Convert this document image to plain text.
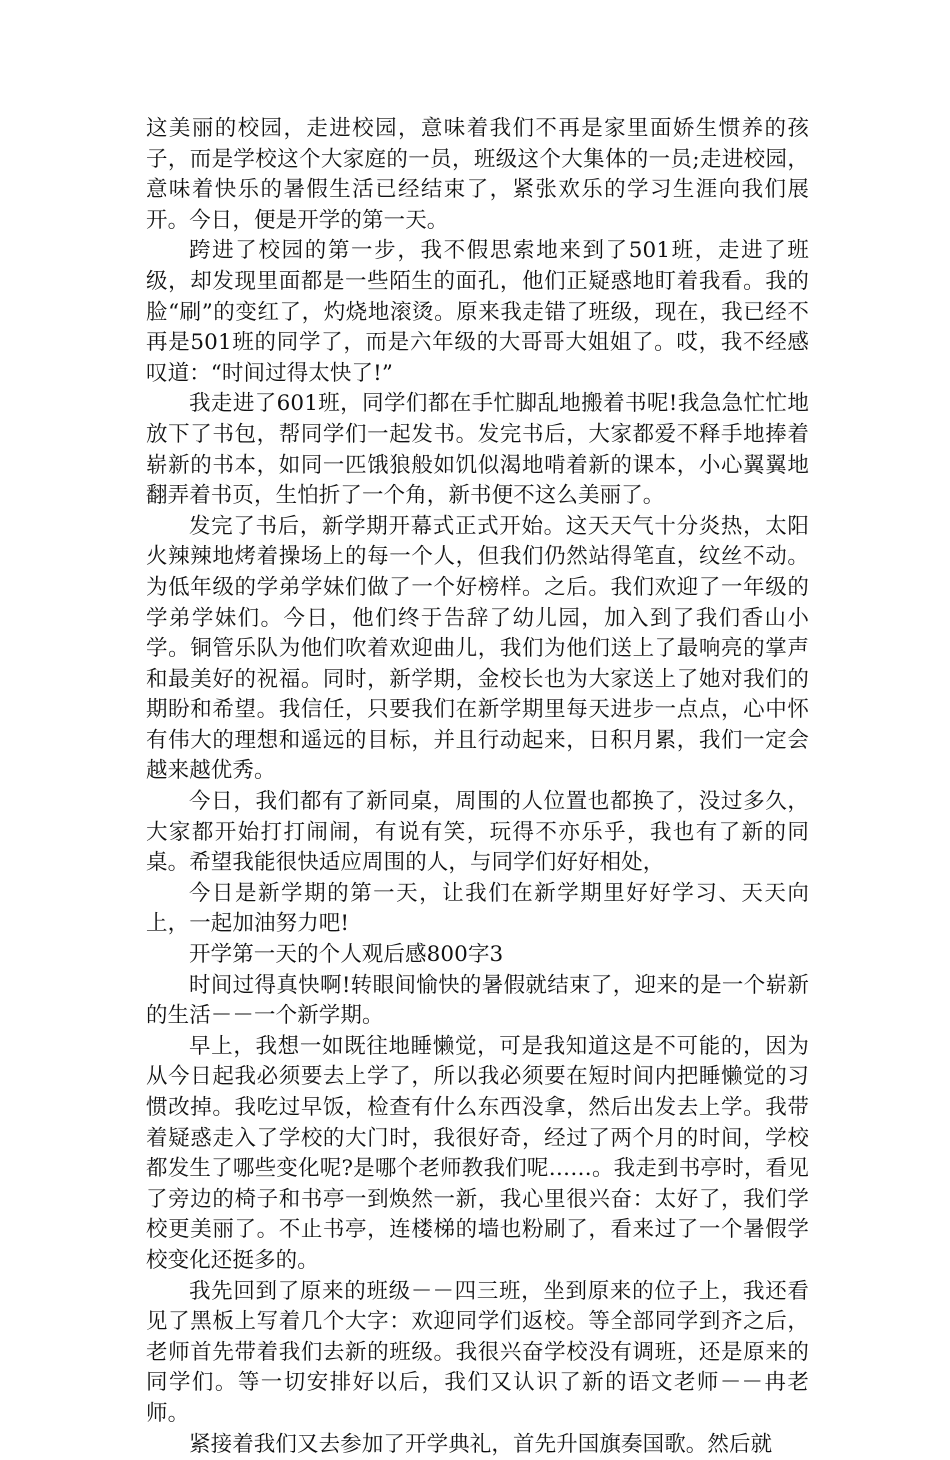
这美丽的校园，走进校园，意味着我们不再是家里面娇生惯养的孩子，而是学校这个大家庭的一员，班级这个大集体的一员;走进校园，意味着快乐的暑假生活已经结束了，紧张欢乐的学习生涯向我们展开。今日，便是开学的第一天。

跨进了校园的第一步，我不假思索地来到了501班，走进了班级，却发现里面都是一些陌生的面孔，他们正疑惑地盯着我看。我的脸“刷”的变红了，灼烧地滚烫。原来我走错了班级，现在，我已经不再是501班的同学了，而是六年级的大哥哥大姐姐了。哎，我不经感叹道：“时间过得太快了!”

我走进了601班，同学们都在手忙脚乱地搬着书呢!我急急忙忙地放下了书包，帮同学们一起发书。发完书后，大家都爱不释手地捧着崭新的书本，如同一匹饿狼般如饥似渴地啃着新的课本，小心翼翼地翻弄着书页，生怕折了一个角，新书便不这么美丽了。

发完了书后，新学期开幕式正式开始。这天天气十分炎热，太阳火辣辣地烤着操场上的每一个人，但我们仍然站得笔直，纹丝不动。为低年级的学弟学妹们做了一个好榜样。之后。我们欢迎了一年级的学弟学妹们。今日，他们终于告辞了幼儿园，加入到了我们香山小学。铜管乐队为他们吹着欢迎曲儿，我们为他们送上了最响亮的掌声和最美好的祝福。同时，新学期，金校长也为大家送上了她对我们的期盼和希望。我信任，只要我们在新学期里每天进步一点点，心中怀有伟大的理想和遥远的目标，并且行动起来，日积月累，我们一定会越来越优秀。

今日，我们都有了新同桌，周围的人位置也都换了，没过多久，大家都开始打打闹闹，有说有笑，玩得不亦乐乎，我也有了新的同桌。希望我能很快适应周围的人，与同学们好好相处，

今日是新学期的第一天，让我们在新学期里好好学习、天天向上，一起加油努力吧!

开学第一天的个人观后感800字3

时间过得真快啊!转眼间愉快的暑假就结束了，迎来的是一个崭新的生活－－一个新学期。

早上，我想一如既往地睡懒觉，可是我知道这是不可能的，因为从今日起我必须要去上学了，所以我必须要在短时间内把睡懒觉的习惯改掉。我吃过早饭，检查有什么东西没拿，然后出发去上学。我带着疑惑走入了学校的大门时，我很好奇，经过了两个月的时间，学校都发生了哪些变化呢?是哪个老师教我们呢……。我走到书亭时，看见了旁边的椅子和书亭一到焕然一新，我心里很兴奋：太好了，我们学校更美丽了。不止书亭，连楼梯的墙也粉刷了，看来过了一个暑假学校变化还挺多的。

我先回到了原来的班级－－四三班，坐到原来的位子上，我还看见了黑板上写着几个大字：欢迎同学们返校。等全部同学到齐之后，老师首先带着我们去新的班级。我很兴奋学校没有调班，还是原来的同学们。等一切安排好以后，我们又认识了新的语文老师－－冉老师。

紧接着我们又去参加了开学典礼，首先升国旗奏国歌。然后就
